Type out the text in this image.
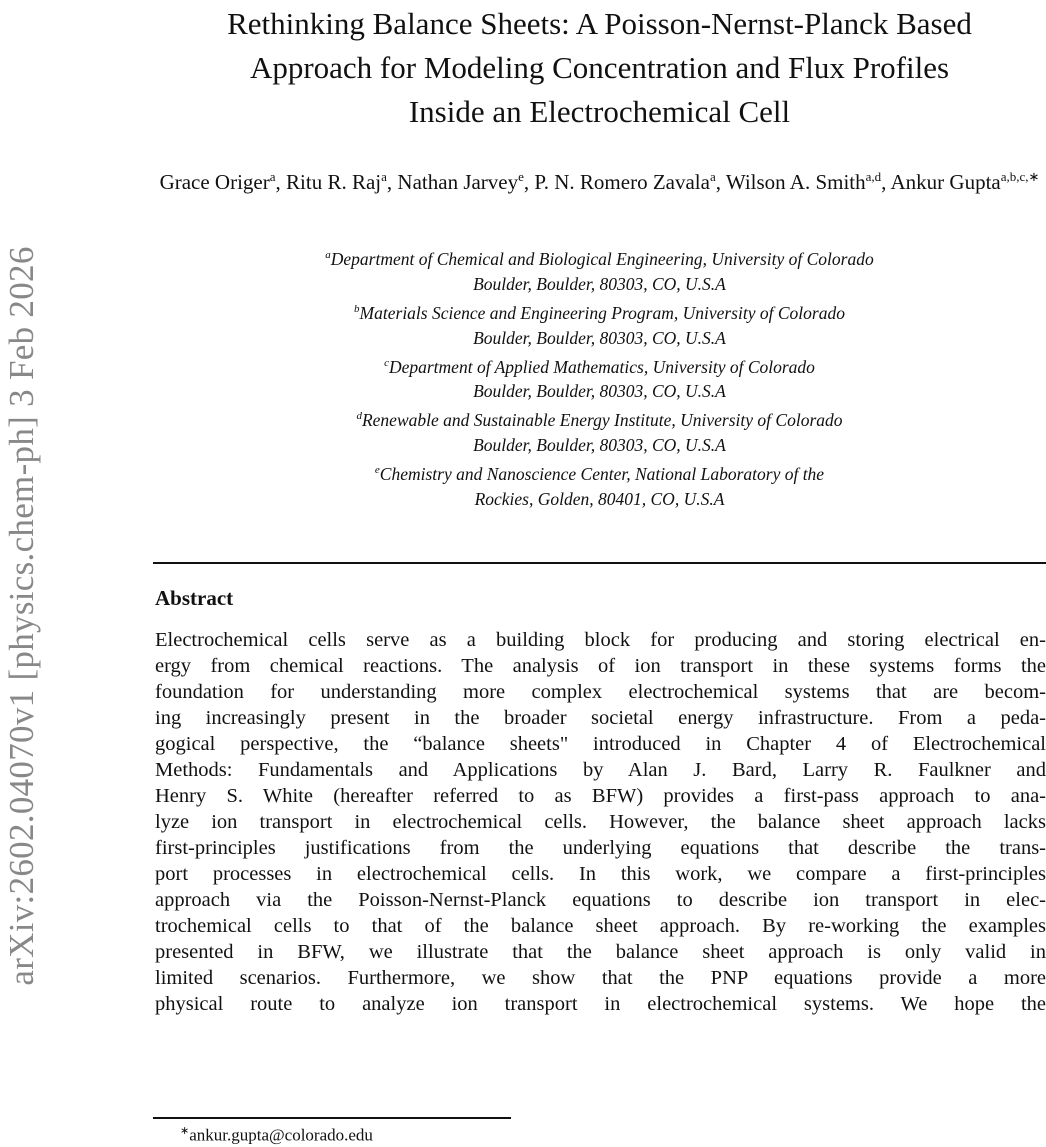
arXiv:2602.04070v1 [physics.chem-ph] 3 Feb 2026
Rethinking Balance Sheets: A Poisson-Nernst-Planck Based
Approach for Modeling Concentration and Flux Profiles
Inside an Electrochemical Cell
Grace Origer$^a$, Ritu R. Raj$^a$, Nathan Jarvey$^e$, P. N. Romero Zavala$^a$, Wilson A. Smith$^{a,d}$, Ankur Gupta$^{a,b,c,∗}$
$^a$Department of Chemical and Biological Engineering, University of Colorado
Boulder, Boulder, 80303, CO, U.S.A
$^b$Materials Science and Engineering Program, University of Colorado
Boulder, Boulder, 80303, CO, U.S.A
$^c$Department of Applied Mathematics, University of Colorado
Boulder, Boulder, 80303, CO, U.S.A
$^d$Renewable and Sustainable Energy Institute, University of Colorado
Boulder, Boulder, 80303, CO, U.S.A
$^e$Chemistry and Nanoscience Center, National Laboratory of the
Rockies, Golden, 80401, CO, U.S.A
Abstract
Electrochemical cells serve as a building block for producing and storing electrical en-
ergy from chemical reactions. The analysis of ion transport in these systems forms the
foundation for understanding more complex electrochemical systems that are becom-
ing increasingly present in the broader societal energy infrastructure. From a peda-
gogical perspective, the “balance sheets" introduced in Chapter 4 of Electrochemical
Methods: Fundamentals and Applications by Alan J. Bard, Larry R. Faulkner and
Henry S. White (hereafter referred to as BFW) provides a first-pass approach to ana-
lyze ion transport in electrochemical cells. However, the balance sheet approach lacks
first-principles justifications from the underlying equations that describe the trans-
port processes in electrochemical cells. In this work, we compare a first-principles
approach via the Poisson-Nernst-Planck equations to describe ion transport in elec-
trochemical cells to that of the balance sheet approach. By re-working the examples
presented in BFW, we illustrate that the balance sheet approach is only valid in
limited scenarios. Furthermore, we show that the PNP equations provide a more
physical route to analyze ion transport in electrochemical systems. We hope the
∗ankur.gupta@colorado.edu
